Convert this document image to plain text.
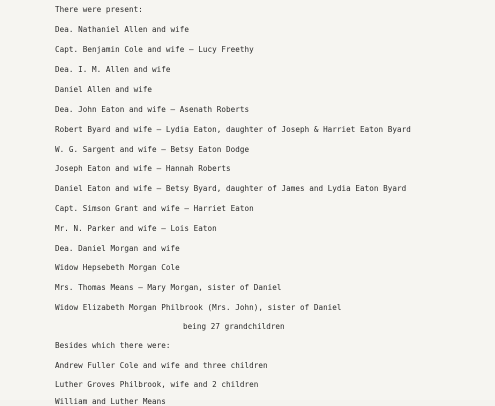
There were present:
Dea. Nathaniel Allen and wife
Capt. Benjamin Cole and wife – Lucy Freethy
Dea. I. M. Allen and wife
Daniel Allen and wife
Dea. John Eaton and wife – Asenath Roberts
Robert Byard and wife – Lydia Eaton, daughter of Joseph & Harriet Eaton Byard
W. G. Sargent and wife – Betsy Eaton Dodge
Joseph Eaton and wife – Hannah Roberts
Daniel Eaton and wife – Betsy Byard, daughter of James and Lydia Eaton Byard
Capt. Simson Grant and wife – Harriet Eaton
Mr. N. Parker and wife – Lois Eaton
Dea. Daniel Morgan and wife
Widow Hepsebeth Morgan Cole
Mrs. Thomas Means – Mary Morgan, sister of Daniel
Widow Elizabeth Morgan Philbrook (Mrs. John), sister of Daniel
being 27 grandchildren
Besides which there were:
Andrew Fuller Cole and wife and three children
Luther Groves Philbrook, wife and 2 children
William and Luther Means
